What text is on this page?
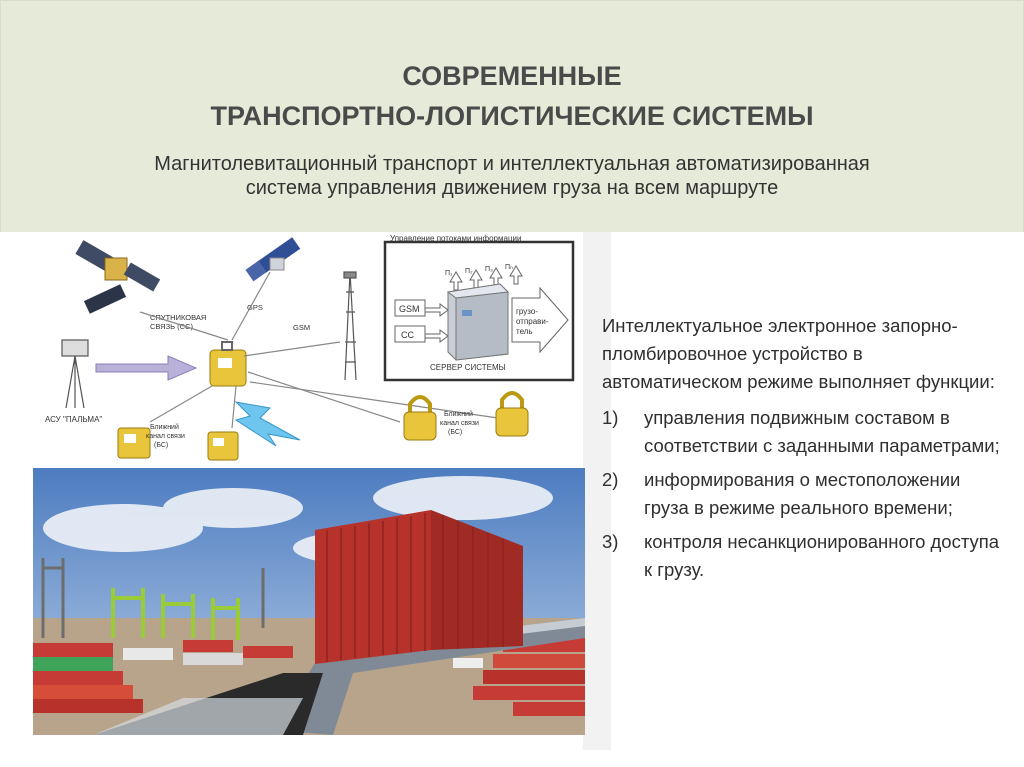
СОВРЕМЕННЫЕ
ТРАНСПОРТНО-ЛОГИСТИЧЕСКИЕ СИСТЕМЫ
Магнитолевитационный транспорт и интеллектуальная автоматизированная
система управления движением груза на всем маршруте
Управление потоками информации
П₁ П₂ П₃ Пₙ
GSM
CC
грузо-
отправи-
тель
СЕРВЕР СИСТЕМЫ
СПУТНИКОВАЯ
СВЯЗЬ (СС)
GPS
GSM
АСУ "ПАЛЬМА"
Ближний
канал связи
(БС)
Ближний
канал связи
(БС)

Интеллектуальное электронное запорно-пломбировочное устройство в автоматическом режиме выполняет функции:

1)	управления подвижным составом в соответствии с заданными параметрами;
2)	информирования о местоположении груза в режиме реального времени;
3)	контроля несанкционированного доступа к грузу.
